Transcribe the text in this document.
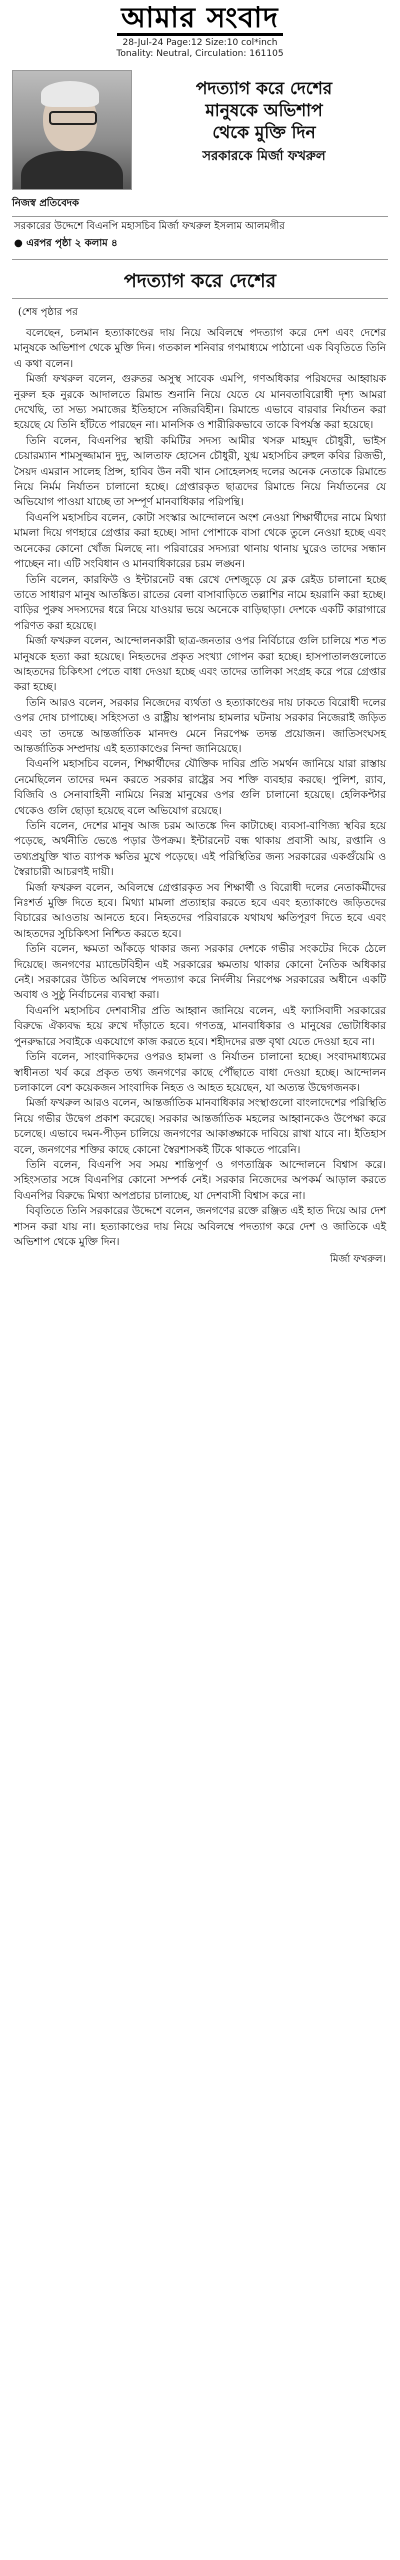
আমার সংবাদ
28-Jul-24 Page:12 Size:10 col*inch
Tonality: Neutral, Circulation: 161105

পদত্যাগ করে দেশের

মানুষকে অভিশাপ

থেকে মুক্তি দিন

সরকারকে মির্জা ফখরুল
নিজস্ব প্রতিবেদক
সরকারের উদ্দেশে বিএনপি মহাসচিব মির্জা ফখরুল ইসলাম আলমগীর
● এরপর পৃষ্ঠা ২ কলাম ৪
পদত্যাগ করে দেশের
(শেষ পৃষ্ঠার পর

বলেছেন, চলমান হত্যাকাণ্ডের দায় নিয়ে অবিলম্বে পদত্যাগ করে দেশ এবং দেশের মানুষকে অভিশাপ থেকে মুক্তি দিন। গতকাল শনিবার গণমাধ্যমে পাঠানো এক বিবৃতিতে তিনি এ কথা বলেন।

মির্জা ফখরুল বলেন, গুরুতর অসুস্থ সাবেক এমপি, গণঅধিকার পরিষদের আহ্বায়ক নুরুল হক নুরকে আদালতে রিমান্ড শুনানি নিয়ে যেতে যে মানবতাবিরোধী দৃশ্য আমরা দেখেছি, তা সভ্য সমাজের ইতিহাসে নজিরবিহীন। রিমান্ডে এভাবে বারবার নির্যাতন করা হয়েছে যে তিনি হাঁটতে পারছেন না। মানসিক ও শারীরিকভাবে তাকে বিপর্যস্ত করা হয়েছে।

তিনি বলেন, বিএনপির স্থায়ী কমিটির সদস্য আমীর খসরু মাহমুদ চৌধুরী, ভাইস চেয়ারম্যান শামসুজ্জামান দুদু, আলতাফ হোসেন চৌধুরী, যুগ্ম মহাসচিব রুহুল কবির রিজভী, সৈয়দ এমরান সালেহ প্রিন্স, হাবিব উন নবী খান সোহেলসহ দলের অনেক নেতাকে রিমান্ডে নিয়ে নির্মম নির্যাতন চালানো হচ্ছে। গ্রেপ্তারকৃত ছাত্রদের রিমান্ডে নিয়ে নির্যাতনের যে অভিযোগ পাওয়া যাচ্ছে তা সম্পূর্ণ মানবাধিকার পরিপন্থি।

বিএনপি মহাসচিব বলেন, কোটা সংস্কার আন্দোলনে অংশ নেওয়া শিক্ষার্থীদের নামে মিথ্যা মামলা দিয়ে গণহারে গ্রেপ্তার করা হচ্ছে। সাদা পোশাকে বাসা থেকে তুলে নেওয়া হচ্ছে এবং অনেকের কোনো খোঁজ মিলছে না। পরিবারের সদস্যরা থানায় থানায় ঘুরেও তাদের সন্ধান পাচ্ছেন না। এটি সংবিধান ও মানবাধিকারের চরম লঙ্ঘন।

তিনি বলেন, কারফিউ ও ইন্টারনেট বন্ধ রেখে দেশজুড়ে যে ব্লক রেইড চালানো হচ্ছে তাতে সাধারণ মানুষ আতঙ্কিত। রাতের বেলা বাসাবাড়িতে তল্লাশির নামে হয়রানি করা হচ্ছে। বাড়ির পুরুষ সদস্যদের ধরে নিয়ে যাওয়ার ভয়ে অনেকে বাড়িছাড়া। দেশকে একটি কারাগারে পরিণত করা হয়েছে।

মির্জা ফখরুল বলেন, আন্দোলনকারী ছাত্র-জনতার ওপর নির্বিচারে গুলি চালিয়ে শত শত মানুষকে হত্যা করা হয়েছে। নিহতদের প্রকৃত সংখ্যা গোপন করা হচ্ছে। হাসপাতালগুলোতে আহতদের চিকিৎসা পেতে বাধা দেওয়া হচ্ছে এবং তাদের তালিকা সংগ্রহ করে পরে গ্রেপ্তার করা হচ্ছে।

তিনি আরও বলেন, সরকার নিজেদের ব্যর্থতা ও হত্যাকাণ্ডের দায় ঢাকতে বিরোধী দলের ওপর দোষ চাপাচ্ছে। সহিংসতা ও রাষ্ট্রীয় স্থাপনায় হামলার ঘটনায় সরকার নিজেরাই জড়িত এবং তা তদন্তে আন্তর্জাতিক মানদণ্ড মেনে নিরপেক্ষ তদন্ত প্রয়োজন। জাতিসংঘসহ আন্তর্জাতিক সম্প্রদায় এই হত্যাকাণ্ডের নিন্দা জানিয়েছে।

বিএনপি মহাসচিব বলেন, শিক্ষার্থীদের যৌক্তিক দাবির প্রতি সমর্থন জানিয়ে যারা রাস্তায় নেমেছিলেন তাদের দমন করতে সরকার রাষ্ট্রের সব শক্তি ব্যবহার করছে। পুলিশ, র‍্যাব, বিজিবি ও সেনাবাহিনী নামিয়ে নিরস্ত্র মানুষের ওপর গুলি চালানো হয়েছে। হেলিকপ্টার থেকেও গুলি ছোড়া হয়েছে বলে অভিযোগ রয়েছে।

তিনি বলেন, দেশের মানুষ আজ চরম আতঙ্কে দিন কাটাচ্ছে। ব্যবসা-বাণিজ্য স্থবির হয়ে পড়েছে, অর্থনীতি ভেঙে পড়ার উপক্রম। ইন্টারনেট বন্ধ থাকায় প্রবাসী আয়, রপ্তানি ও তথ্যপ্রযুক্তি খাত ব্যাপক ক্ষতির মুখে পড়েছে। এই পরিস্থিতির জন্য সরকারের একগুঁয়েমি ও স্বৈরাচারী আচরণই দায়ী।

মির্জা ফখরুল বলেন, অবিলম্বে গ্রেপ্তারকৃত সব শিক্ষার্থী ও বিরোধী দলের নেতাকর্মীদের নিঃশর্ত মুক্তি দিতে হবে। মিথ্যা মামলা প্রত্যাহার করতে হবে এবং হত্যাকাণ্ডে জড়িতদের বিচারের আওতায় আনতে হবে। নিহতদের পরিবারকে যথাযথ ক্ষতিপূরণ দিতে হবে এবং আহতদের সুচিকিৎসা নিশ্চিত করতে হবে।

তিনি বলেন, ক্ষমতা আঁকড়ে থাকার জন্য সরকার দেশকে গভীর সংকটের দিকে ঠেলে দিয়েছে। জনগণের ম্যান্ডেটবিহীন এই সরকারের ক্ষমতায় থাকার কোনো নৈতিক অধিকার নেই। সরকারের উচিত অবিলম্বে পদত্যাগ করে নির্দলীয় নিরপেক্ষ সরকারের অধীনে একটি অবাধ ও সুষ্ঠু নির্বাচনের ব্যবস্থা করা।

বিএনপি মহাসচিব দেশবাসীর প্রতি আহ্বান জানিয়ে বলেন, এই ফ্যাসিবাদী সরকারের বিরুদ্ধে ঐক্যবদ্ধ হয়ে রুখে দাঁড়াতে হবে। গণতন্ত্র, মানবাধিকার ও মানুষের ভোটাধিকার পুনরুদ্ধারে সবাইকে একযোগে কাজ করতে হবে। শহীদদের রক্ত বৃথা যেতে দেওয়া হবে না।

তিনি বলেন, সাংবাদিকদের ওপরও হামলা ও নির্যাতন চালানো হচ্ছে। সংবাদমাধ্যমের স্বাধীনতা খর্ব করে প্রকৃত তথ্য জনগণের কাছে পৌঁছাতে বাধা দেওয়া হচ্ছে। আন্দোলন চলাকালে বেশ কয়েকজন সাংবাদিক নিহত ও আহত হয়েছেন, যা অত্যন্ত উদ্বেগজনক।

মির্জা ফখরুল আরও বলেন, আন্তর্জাতিক মানবাধিকার সংস্থাগুলো বাংলাদেশের পরিস্থিতি নিয়ে গভীর উদ্বেগ প্রকাশ করেছে। সরকার আন্তর্জাতিক মহলের আহ্বানকেও উপেক্ষা করে চলেছে। এভাবে দমন-পীড়ন চালিয়ে জনগণের আকাঙ্ক্ষাকে দাবিয়ে রাখা যাবে না। ইতিহাস বলে, জনগণের শক্তির কাছে কোনো স্বৈরশাসকই টিকে থাকতে পারেনি।

তিনি বলেন, বিএনপি সব সময় শান্তিপূর্ণ ও গণতান্ত্রিক আন্দোলনে বিশ্বাস করে। সহিংসতার সঙ্গে বিএনপির কোনো সম্পর্ক নেই। সরকার নিজেদের অপকর্ম আড়াল করতে বিএনপির বিরুদ্ধে মিথ্যা অপপ্রচার চালাচ্ছে, যা দেশবাসী বিশ্বাস করে না।

বিবৃতিতে তিনি সরকারের উদ্দেশে বলেন, জনগণের রক্তে রঞ্জিত এই হাত দিয়ে আর দেশ শাসন করা যায় না। হত্যাকাণ্ডের দায় নিয়ে অবিলম্বে পদত্যাগ করে দেশ ও জাতিকে এই অভিশাপ থেকে মুক্তি দিন।

মির্জা ফখরুল।
